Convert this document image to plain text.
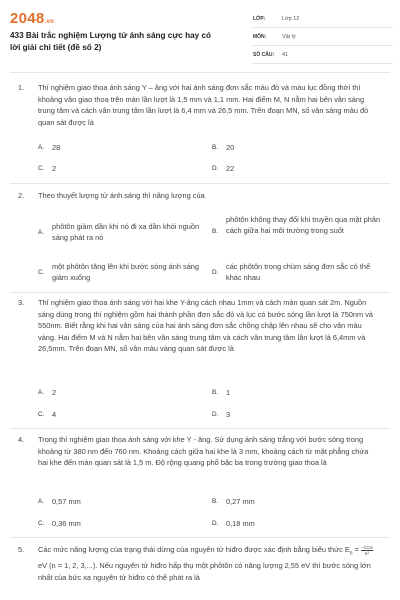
2048.vn
433 Bài trắc nghiệm Lượng tử ánh sáng cực hay có lời giải chi tiết (đề số 2)
LỚP:	Lớp 12
MÔN:	Vật lý
SỐ CÂU: 41
1. Thí nghiệm giao thoa ánh sáng Y – âng với hai ánh sáng đơn sắc màu đỏ và màu lục đồng thời thì khoảng vân giao thoa trên màn lần lượt là 1,5 mm và 1,1 mm. Hai điểm M, N nằm hai bên vân sáng trung tâm và cách vân trung tâm lần lượt là 6,4 mm và 26,5 mm. Trên đoạn MN, số vân sáng màu đỏ quan sát được là
A. 28	B. 20
C. 2	D. 22
2. Theo thuyết lượng tử ánh sáng thì năng lượng của
A.
phôtôn giảm dần khi nó đi xa dần khỏi nguồn sáng phát ra nó
B.
phôtôn không thay đổi khi truyền qua mặt phân cách giữa hai môi trường trong suốt
C.
một phôtôn tăng lên khi bước sóng ánh sáng giảm xuống
D.
các phôtôn trong chùm sáng đơn sắc có thể khác nhau
3. Thí nghiệm giao thoa ánh sáng với hai khe Y-âng cách nhau 1mm và cách màn quan sát 2m. Nguồn sáng dùng trong thí nghiệm gồm hai thành phần đơn sắc đỏ và lục có bước sóng lần lượt là 750nm và 550nm. Biết rằng khi hai vân sáng của hai ánh sáng đơn sắc chồng chập lên nhau sẽ cho vân màu vàng. Hai điểm M và N nằm hai bên vân sáng trung tâm và cách vân trung tâm lần lượt là 6,4mm và 26,5mm. Trên đoạn MN, số vân màu vàng quan sát được là
A. 2	B. 1
C. 4	D. 3
4. Trong thí nghiệm giao thoa ánh sáng với khe Y - âng. Sử dụng ánh sáng trắng với bước sóng trong khoảng từ 380 nm đến 760 nm. Khoảng cách giữa hai khe là 3 mm, khoảng cách từ mặt phẳng chứa hai khe đến màn quan sát là 1,5 m. Độ rộng quang phổ bậc ba trong trường giao thoa là
A. 0,57 mm	B. 0,27 mm
C. 0,36 mm	D. 0,18 mm
5. Các mức năng lượng của trạng thái dừng của nguyên tử hiđro được xác định bằng biểu thức $E_n = \frac{-13,6}{\text{n²}}$
eV (n = 1, 2, 3,...). Nếu nguyên tử hiđro hấp thụ một phôtôn có năng lượng 2,55 eV thì bước sóng lớn nhất của bức xạ nguyên tử hiđro có thể phát ra là
